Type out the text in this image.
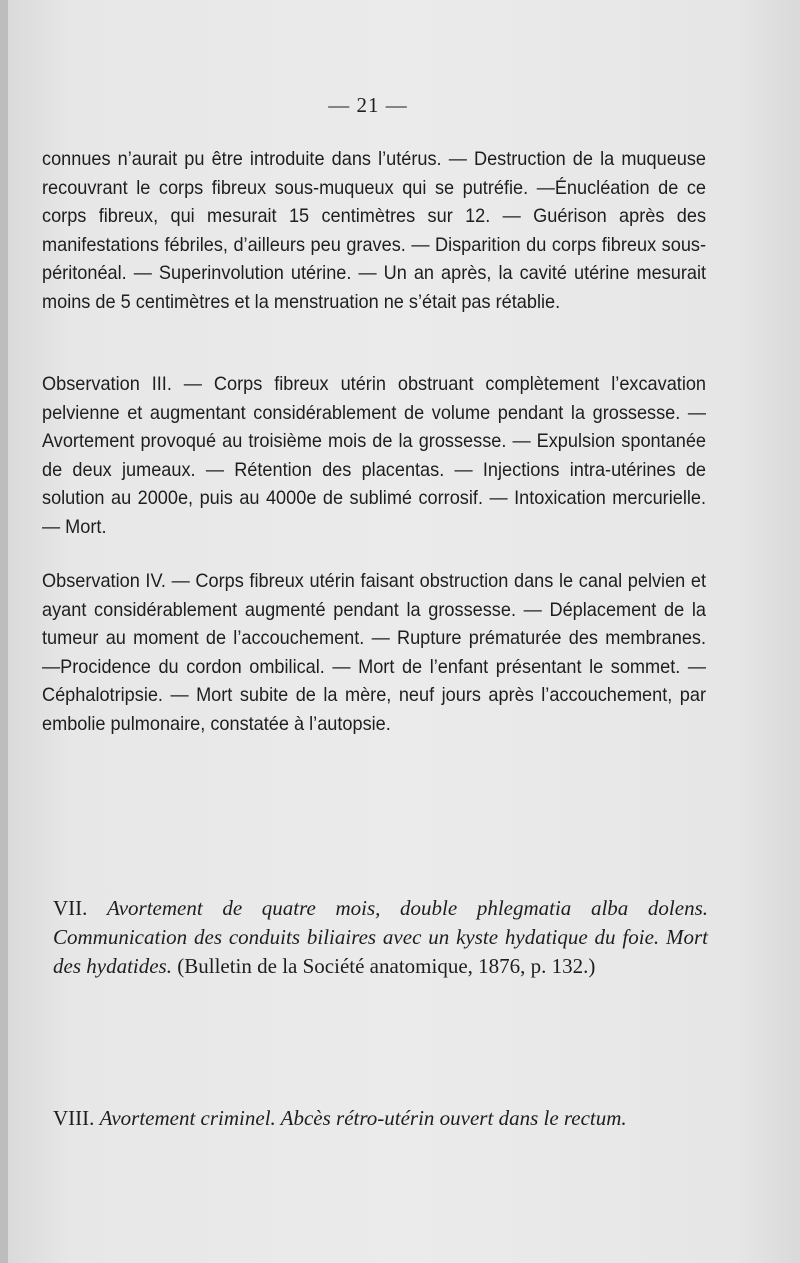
— 21 —

connues n’aurait pu être introduite dans l’utérus. — Destruction de la muqueuse recouvrant le corps fibreux sous-muqueux qui se putréfie. —Énucléation de ce corps fibreux, qui mesurait 15 centimètres sur 12. — Guérison après des manifestations fébriles, d’ailleurs peu graves. — Disparition du corps fibreux sous-péritonéal. — Superinvolution utérine. — Un an après, la cavité utérine mesurait moins de 5 centimètres et la menstruation ne s’était pas rétablie.

Observation III. — Corps fibreux utérin obstruant complètement l’excavation pelvienne et augmentant considérablement de volume pendant la grossesse. — Avortement provoqué au troisième mois de la grossesse. — Expulsion spontanée de deux jumeaux. — Rétention des placentas. — Injections intra-utérines de solution au 2000e, puis au 4000e de sublimé corrosif. — Intoxication mercurielle. — Mort.

Observation IV. — Corps fibreux utérin faisant obstruction dans le canal pelvien et ayant considérablement augmenté pendant la grossesse. — Déplacement de la tumeur au moment de l’accouchement. — Rupture prématurée des membranes. —Procidence du cordon ombilical. — Mort de l’enfant présentant le sommet. — Céphalotripsie. — Mort subite de la mère, neuf jours après l’accouchement, par embolie pulmonaire, constatée à l’autopsie.

VII. Avortement de quatre mois, double phlegmatia alba dolens. Communication des conduits biliaires avec un kyste hydatique du foie. Mort des hydatides. (Bulletin de la Société anatomique, 1876, p. 132.)
VIII. Avortement criminel. Abcès rétro-utérin ouvert dans le rectum.
